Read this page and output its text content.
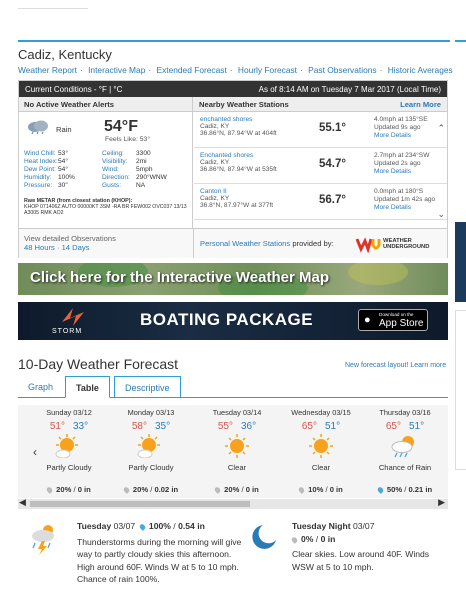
Cadiz, Kentucky
Weather Report · Interactive Map · Extended Forecast · Hourly Forecast · Past Observations · Historic Averages
Current Conditions - °F | °C	As of 8:14 AM on Tuesday 7 Mar 2017 (Local Time)
No Active Weather Alerts	Nearby Weather Stations	Learn More
Rain 54°F
Feels Like: 53°
Wind Chill: 53°	Ceiling:	3300
Heat Index: 54°	Visibility:	2mi
Dew Point: 54°	Wind:	5mph
Humidity: 100%	Direction: 290°WNW
Pressure: 30"	Gusts:	NA
Raw METAR (from closest station (KHOP):
KHOP 071406Z AUTO 00000KT 3SM -RA BR FEW002 OVC037 13/13 A3005 RMK AO2
enchanted shores
Cadiz, KY
36.86°N, 87.94°W at 404ft	55.1°
4.0mph at 135°SE
Updated 9s ago
More Details
Enchanted shores
Cadiz, KY
36.86°N, 87.94°W at 535ft	54.7°
2.7mph at 234°SW
Updated 2s ago
More Details
Canton II
Cadiz, KY
36.8°N, 87.97°W at 377ft	56.7°
0.0mph at 180°S
Updated 1m 42s ago
More Details
⌃
⌄
View detailed Observations
48 Hours · 14 Days	Personal Weather Stations provided by:	WEATHER
UNDERGROUND
Click here for the Interactive Weather Map
STORM
BOATING PACKAGE	● Download on the
App Store
10-Day Weather Forecast	New forecast layout! Learn more
Graph	Table	Descriptive
Sunday 03/12
51° 33°
Partly Cloudy
20% / 0 in
Monday 03/13
58° 35°
Partly Cloudy
20% / 0.02 in
Tuesday 03/14
55° 36°
Clear
20% / 0 in
Wednesday 03/15
65° 51°
Clear
10% / 0 in
Thursday 03/16
65° 51°
Chance of Rain
50% / 0.21 in
‹
◀	▶
Tuesday 03/07 100% / 0.54 in
Thunderstorms during the morning will give way to partly cloudy skies this afternoon. High around 60F. Winds W at 5 to 10 mph. Chance of rain 100%.
Tuesday Night 03/07
0% / 0 in
Clear skies. Low around 40F. Winds WSW at 5 to 10 mph.
